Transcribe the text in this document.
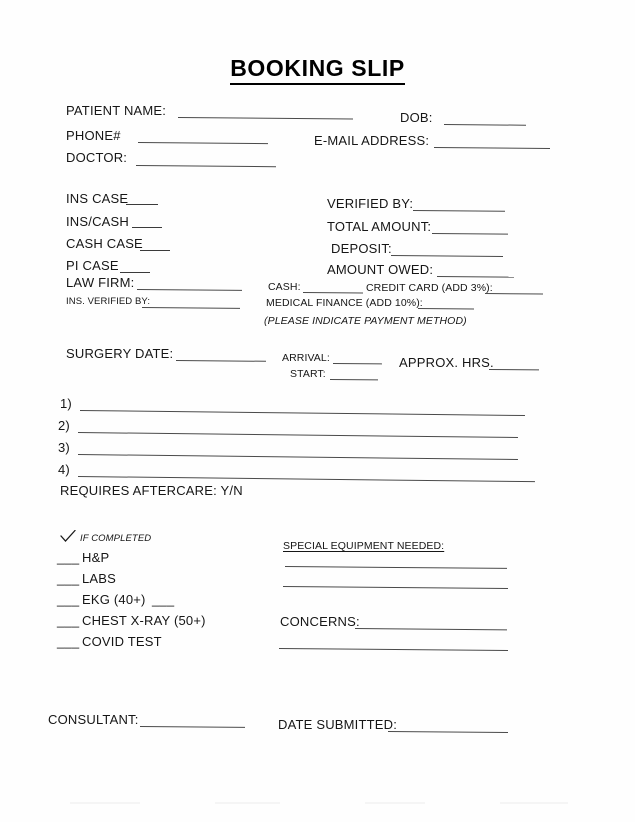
BOOKING SLIP
PATIENT NAME:	DOB:
PHONE#	E-MAIL ADDRESS:
DOCTOR:
INS CASE
INS/CASH
CASH CASE
PI CASE
LAW FIRM:
INS. VERIFIED BY:
VERIFIED BY:
TOTAL AMOUNT:
DEPOSIT:
AMOUNT OWED:
CASH:	CREDIT CARD (ADD 3%):
MEDICAL FINANCE (ADD 10%):
(PLEASE INDICATE PAYMENT METHOD)
SURGERY DATE:	ARRIVAL:
START:
APPROX. HRS.
1)
2)
3)
4)
REQUIRES AFTERCARE: Y/N
IF COMPLETED
___ H&P
___ LABS
___ EKG (40+) ___
___ CHEST X-RAY (50+)
___ COVID TEST
SPECIAL EQUIPMENT NEEDED:
CONCERNS:
CONSULTANT:	DATE SUBMITTED:
